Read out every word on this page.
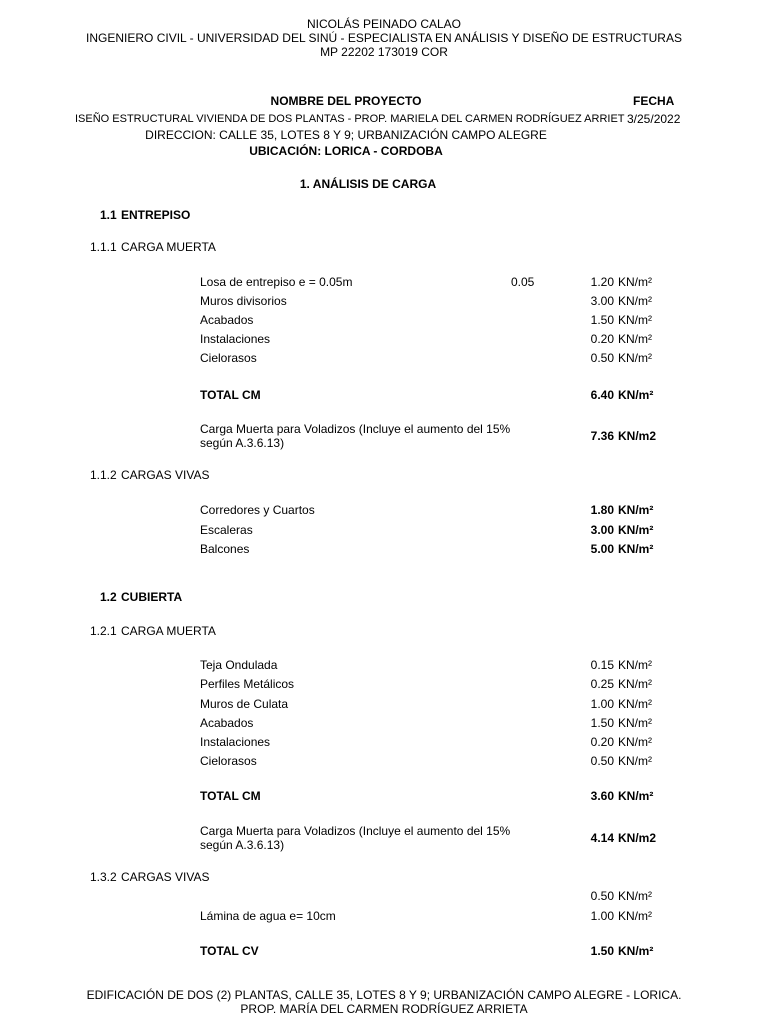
NICOLÁS PEINADO CALAO
INGENIERO CIVIL - UNIVERSIDAD DEL SINÚ - ESPECIALISTA EN ANÁLISIS Y DISEÑO DE ESTRUCTURAS
MP 22202 173019 COR
NOMBRE DEL PROYECTO	FECHA
ISEÑO ESTRUCTURAL VIVIENDA DE DOS PLANTAS - PROP. MARIELA DEL CARMEN RODRÍGUEZ ARRIET 3/25/2022
DIRECCION: CALLE 35, LOTES 8 Y 9; URBANIZACIÓN CAMPO ALEGRE
UBICACIÓN: LORICA - CORDOBA
1. ANÁLISIS DE CARGA
1.1 ENTREPISO
1.1.1 CARGA MUERTA
Losa de entrepiso e = 0.05m	0.05	1.20 KN/m²
Muros divisorios	3.00 KN/m²
Acabados	1.50 KN/m²
Instalaciones	0.20 KN/m²
Cielorasos	0.50 KN/m²
TOTAL CM	6.40 KN/m²
Carga Muerta para Voladizos (Incluye el aumento del 15% según A.3.6.13)	7.36 KN/m2
1.1.2 CARGAS VIVAS
Corredores y Cuartos	1.80 KN/m²
Escaleras	3.00 KN/m²
Balcones	5.00 KN/m²
1.2 CUBIERTA
1.2.1 CARGA MUERTA
Teja Ondulada	0.15 KN/m²
Perfiles Metálicos	0.25 KN/m²
Muros de Culata	1.00 KN/m²
Acabados	1.50 KN/m²
Instalaciones	0.20 KN/m²
Cielorasos	0.50 KN/m²
TOTAL CM	3.60 KN/m²
Carga Muerta para Voladizos (Incluye el aumento del 15% según A.3.6.13)	4.14 KN/m2
1.3.2 CARGAS VIVAS
0.50 KN/m²
Lámina de agua e= 10cm	1.00 KN/m²
TOTAL CV	1.50 KN/m²
EDIFICACIÓN DE DOS (2) PLANTAS, CALLE 35, LOTES 8 Y 9; URBANIZACIÓN CAMPO ALEGRE - LORICA.
PROP. MARÍA DEL CARMEN RODRÍGUEZ ARRIETA
